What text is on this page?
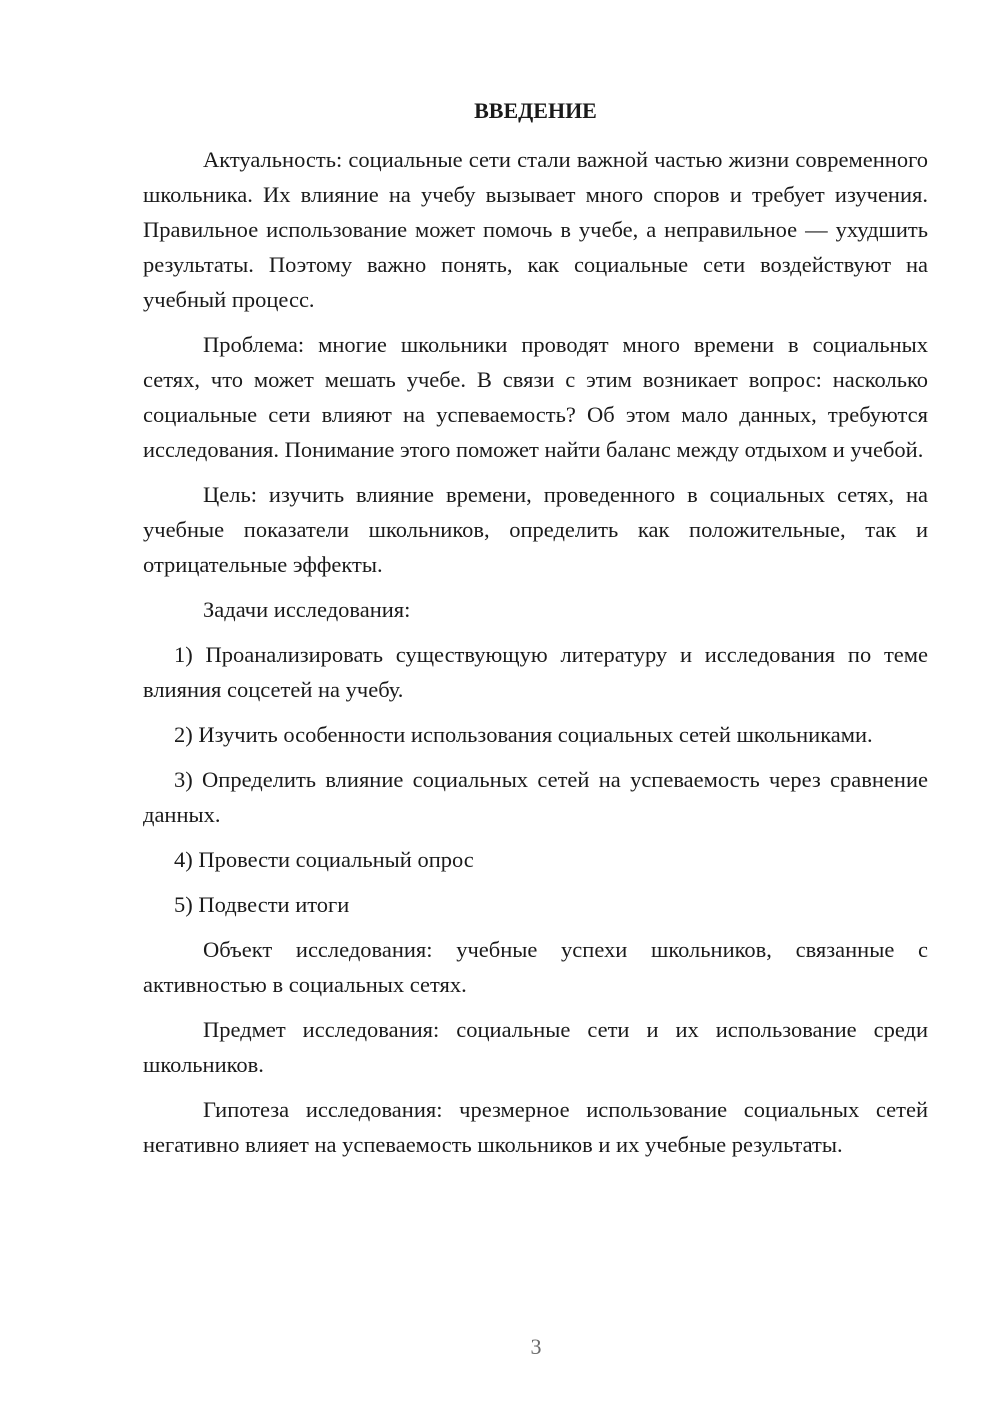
ВВЕДЕНИЕ

Актуальность: социальные сети стали важной частью жизни современного школьника. Их влияние на учебу вызывает много споров и требует изучения. Правильное использование может помочь в учебе, а неправильное — ухудшить результаты. Поэтому важно понять, как социальные сети воздействуют на учебный процесс.

Проблема: многие школьники проводят много времени в социальных сетях, что может мешать учебе. В связи с этим возникает вопрос: насколько социальные сети влияют на успеваемость? Об этом мало данных, требуются исследования. Понимание этого поможет найти баланс между отдыхом и учебой.

Цель: изучить влияние времени, проведенного в социальных сетях, на учебные показатели школьников, определить как положительные, так и отрицательные эффекты.

Задачи исследования:

1) Проанализировать существующую литературу и исследования по теме влияния соцсетей на учебу.

2) Изучить особенности использования социальных сетей школьниками.

3) Определить влияние социальных сетей на успеваемость через сравнение данных.

4) Провести социальный опрос

5) Подвести итоги

Объект исследования: учебные успехи школьников, связанные с активностью в социальных сетях.

Предмет исследования: социальные сети и их использование среди школьников.

Гипотеза исследования: чрезмерное использование социальных сетей негативно влияет на успеваемость школьников и их учебные результаты.

3
